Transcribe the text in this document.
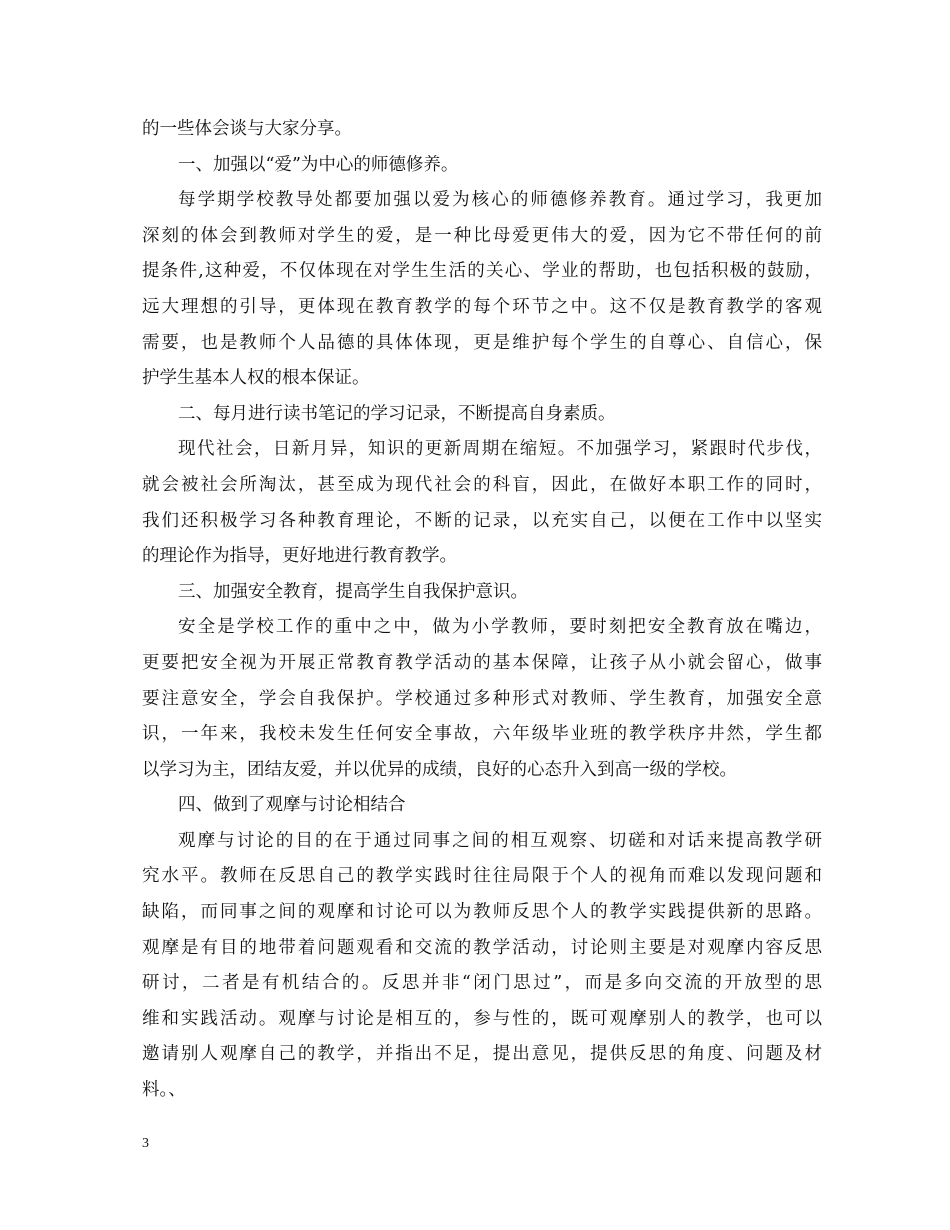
的一些体会谈与大家分享。
一、加强以“爱”为中心的师德修养。
每学期学校教导处都要加强以爱为核心的师德修养教育。通过学习，我更加
深刻的体会到教师对学生的爱，是一种比母爱更伟大的爱，因为它不带任何的前
提条件,这种爱，不仅体现在对学生生活的关心、学业的帮助，也包括积极的鼓励，
远大理想的引导，更体现在教育教学的每个环节之中。这不仅是教育教学的客观
需要，也是教师个人品德的具体体现，更是维护每个学生的自尊心、自信心，保
护学生基本人权的根本保证。
二、每月进行读书笔记的学习记录，不断提高自身素质。
现代社会，日新月异，知识的更新周期在缩短。不加强学习，紧跟时代步伐，
就会被社会所淘汰，甚至成为现代社会的科盲，因此，在做好本职工作的同时，
我们还积极学习各种教育理论，不断的记录，以充实自己，以便在工作中以坚实
的理论作为指导，更好地进行教育教学。
三、加强安全教育，提高学生自我保护意识。
安全是学校工作的重中之中，做为小学教师，要时刻把安全教育放在嘴边，
更要把安全视为开展正常教育教学活动的基本保障，让孩子从小就会留心，做事
要注意安全，学会自我保护。学校通过多种形式对教师、学生教育，加强安全意
识，一年来，我校未发生任何安全事故，六年级毕业班的教学秩序井然，学生都
以学习为主，团结友爱，并以优异的成绩，良好的心态升入到高一级的学校。
四、做到了观摩与讨论相结合
观摩与讨论的目的在于通过同事之间的相互观察、切磋和对话来提高教学研
究水平。教师在反思自己的教学实践时往往局限于个人的视角而难以发现问题和
缺陷，而同事之间的观摩和讨论可以为教师反思个人的教学实践提供新的思路。
观摩是有目的地带着问题观看和交流的教学活动，讨论则主要是对观摩内容反思
研讨，二者是有机结合的。反思并非“闭门思过”，而是多向交流的开放型的思
维和实践活动。观摩与讨论是相互的，参与性的，既可观摩别人的教学，也可以
邀请别人观摩自己的教学，并指出不足，提出意见，提供反思的角度、问题及材
料。、
3
